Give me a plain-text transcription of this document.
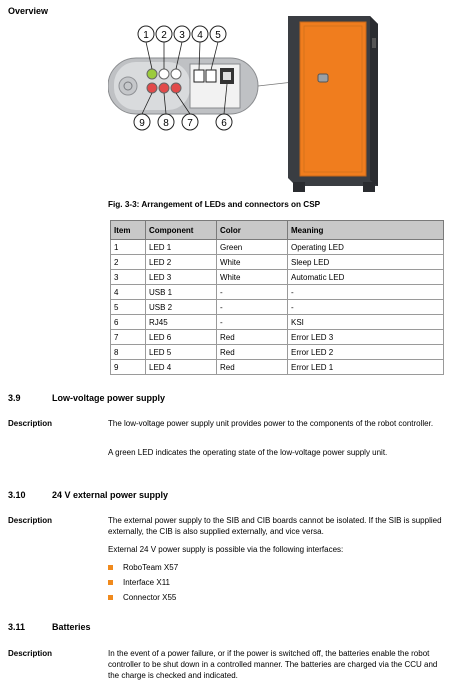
Overview
1 2 3 4 5
6
7
8
9
Fig. 3-3: Arrangement of LEDs and connectors on CSP
Item	Component	Color	Meaning
1	LED 1	Green	Operating LED
2	LED 2	White	Sleep LED
3	LED 3	White	Automatic LED
4	USB 1	-	-
5	USB 2	-	-
6	RJ45	-	KSI
7	LED 6	Red	Error LED 3
8	LED 5	Red	Error LED 2
9	LED 4	Red	Error LED 1
3.9	Low-voltage power supply
Description	The low-voltage power supply unit provides power to the components of the robot controller.
A green LED indicates the operating state of the low-voltage power supply unit.
3.10	24 V external power supply
Description	The external power supply to the SIB and CIB boards cannot be isolated. If the SIB is supplied externally, the CIB is also supplied externally, and vice versa.
External 24 V power supply is possible via the following interfaces:
RoboTeam X57
Interface X11
Connector X55
3.11	Batteries
Description	In the event of a power failure, or if the power is switched off, the batteries enable the robot controller to be shut down in a controlled manner. The batteries are charged via the CCU and the charge is checked and indicated.
